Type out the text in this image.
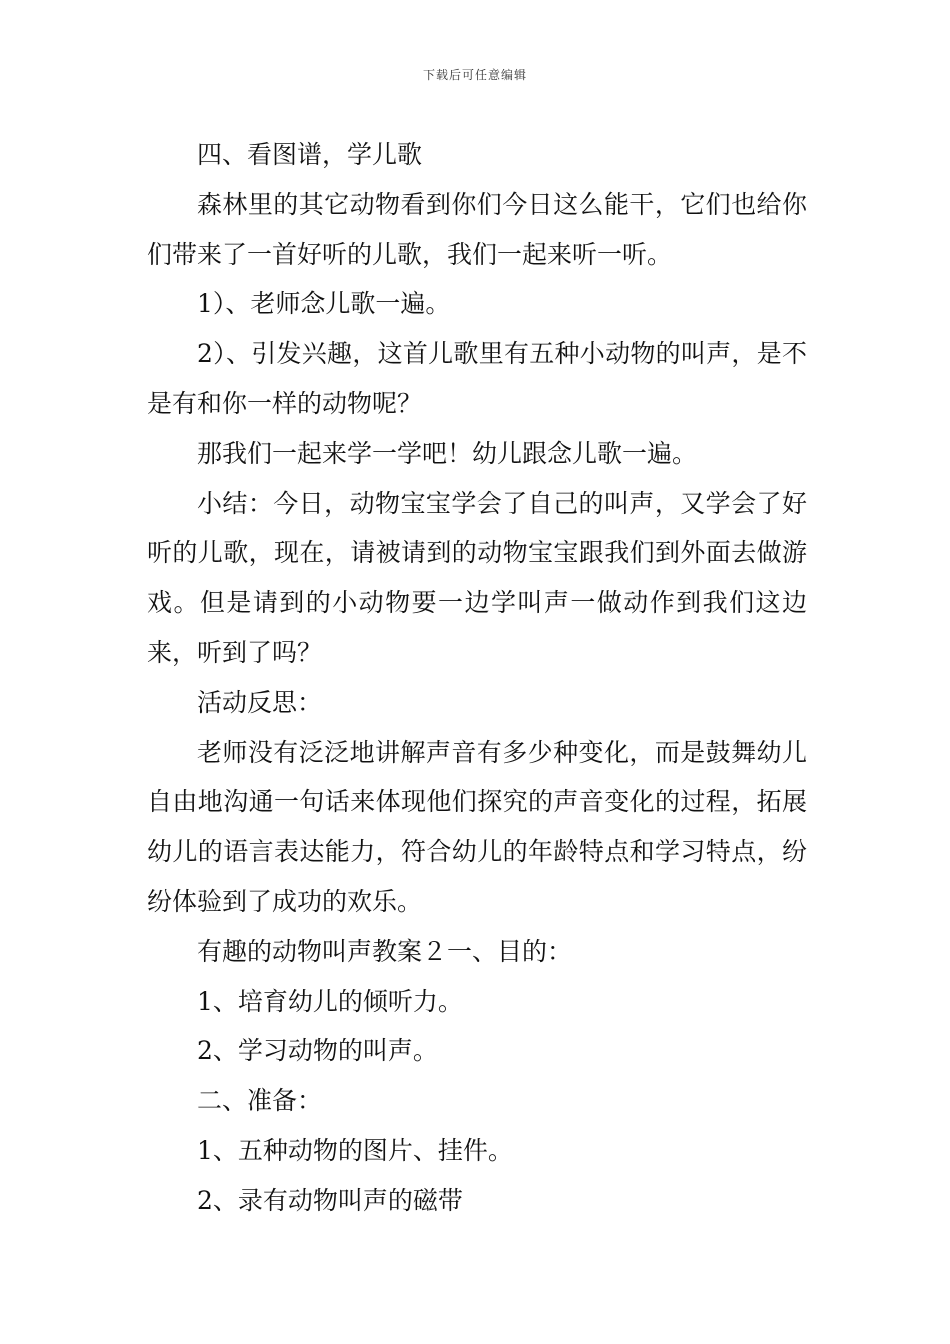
下载后可任意编辑

四、看图谱，学儿歌

森林里的其它动物看到你们今日这么能干，它们也给你们带来了一首好听的儿歌，我们一起来听一听。

1）、老师念儿歌一遍。

2）、引发兴趣，这首儿歌里有五种小动物的叫声，是不是有和你一样的动物呢？

那我们一起来学一学吧！幼儿跟念儿歌一遍。

小结：今日，动物宝宝学会了自己的叫声，又学会了好听的儿歌，现在，请被请到的动物宝宝跟我们到外面去做游戏。但是请到的小动物要一边学叫声一做动作到我们这边来，听到了吗？

活动反思：

老师没有泛泛地讲解声音有多少种变化，而是鼓舞幼儿自由地沟通一句话来体现他们探究的声音变化的过程，拓展幼儿的语言表达能力，符合幼儿的年龄特点和学习特点，纷纷体验到了成功的欢乐。

有趣的动物叫声教案２一、目的：

1、培育幼儿的倾听力。

2、学习动物的叫声。

二、准备：

1、五种动物的图片、挂件。

2、录有动物叫声的磁带
